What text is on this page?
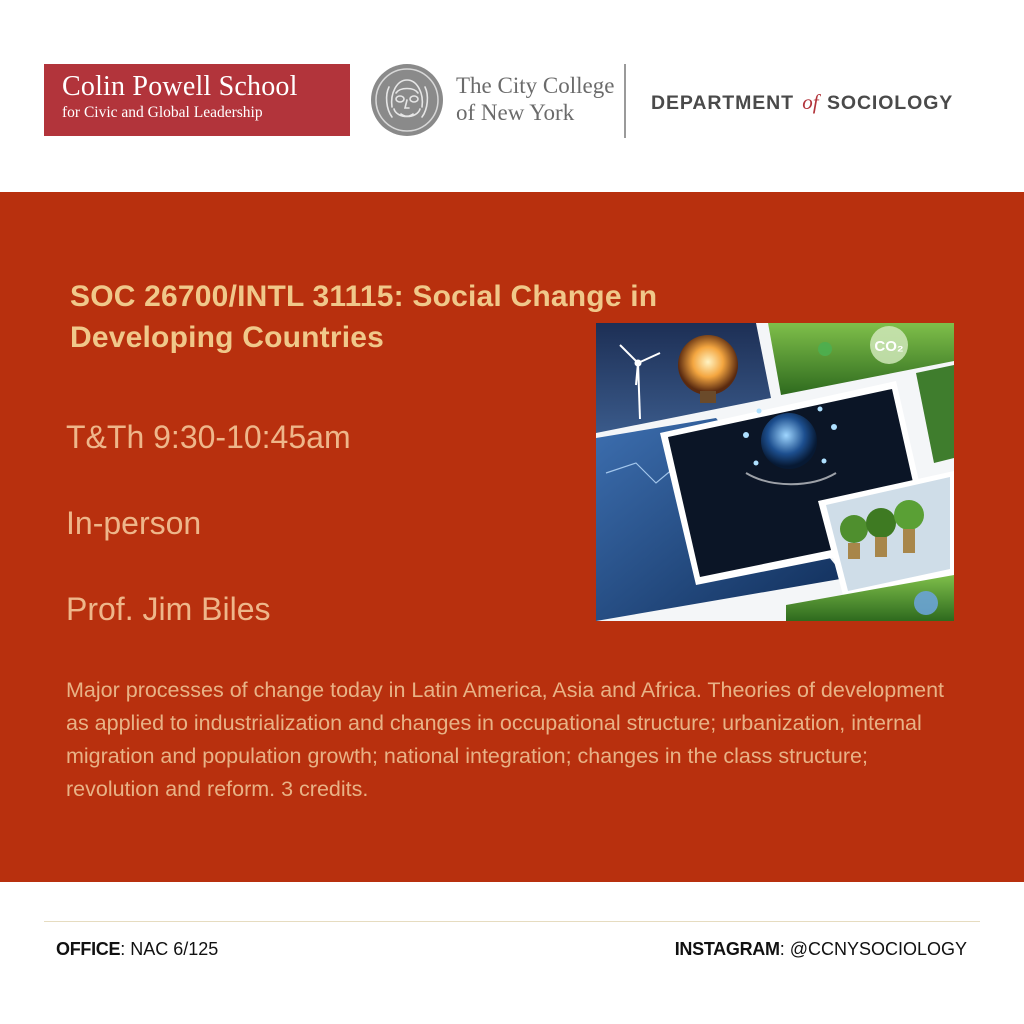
Colin Powell School
for Civic and Global Leadership
The City College
of New York	DEPARTMENT of SOCIOLOGY
SOC 26700/INTL 31115: Social Change in Developing Countries	CO₂
T&Th 9:30-10:45am
In-person
Prof. Jim Biles
Major processes of change today in Latin America, Asia and Africa. Theories of development as applied to industrialization and changes in occupational structure; urbanization, internal migration and population growth; national integration; changes in the class structure; revolution and reform. 3 credits.
OFFICE: NAC 6/125	INSTAGRAM: @CCNYSOCIOLOGY
